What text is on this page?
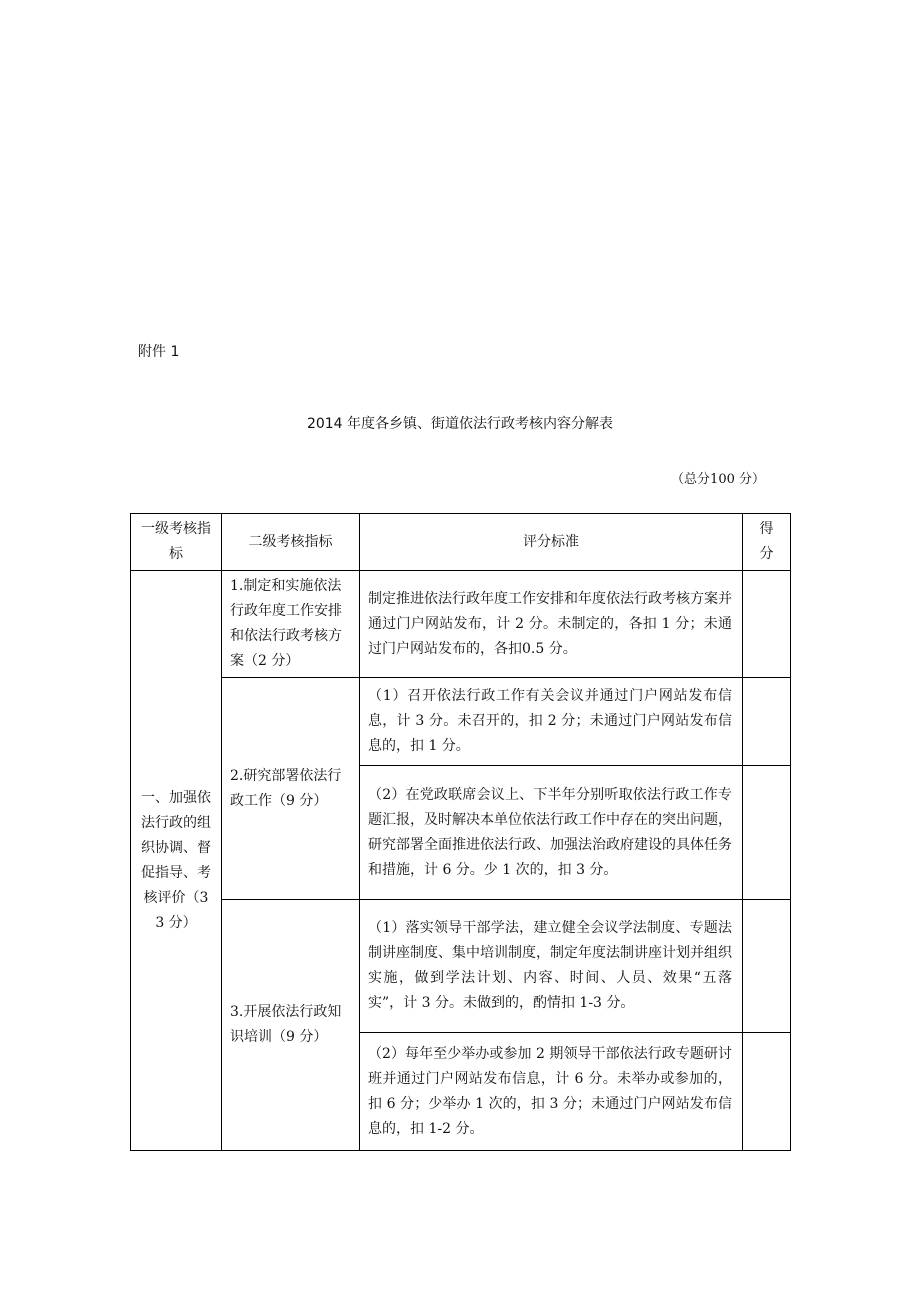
附件 1
2014 年度各乡镇、街道依法行政考核内容分解表
（总分100 分）
一级考核指标	二级考核指标	评分标准	得分
一、加强依法行政的组织协调、督促指导、考核评价（33 分）	1.制定和实施依法行政年度工作安排和依法行政考核方案（2 分）	制定推进依法行政年度工作安排和年度依法行政考核方案并通过门户网站发布，计 2 分。未制定的，各扣 1 分；未通过门户网站发布的，各扣0.5 分。	
	2.研究部署依法行政工作（9 分）	（1）召开依法行政工作有关会议并通过门户网站发布信息，计 3 分。未召开的，扣 2 分；未通过门户网站发布信息的，扣 1 分。	
		（2）在党政联席会议上、下半年分别听取依法行政工作专题汇报，及时解决本单位依法行政工作中存在的突出问题，研究部署全面推进依法行政、加强法治政府建设的具体任务和措施，计 6 分。少 1 次的，扣 3 分。	
	3.开展依法行政知识培训（9 分）	（1）落实领导干部学法，建立健全会议学法制度、专题法制讲座制度、集中培训制度，制定年度法制讲座计划并组织实施，做到学法计划、内容、时间、人员、效果“五落实”，计 3 分。未做到的，酌情扣 1-3 分。	
		（2）每年至少举办或参加 2 期领导干部依法行政专题研讨班并通过门户网站发布信息，计 6 分。未举办或参加的，扣 6 分；少举办 1 次的，扣 3 分；未通过门户网站发布信息的，扣 1-2 分。	
